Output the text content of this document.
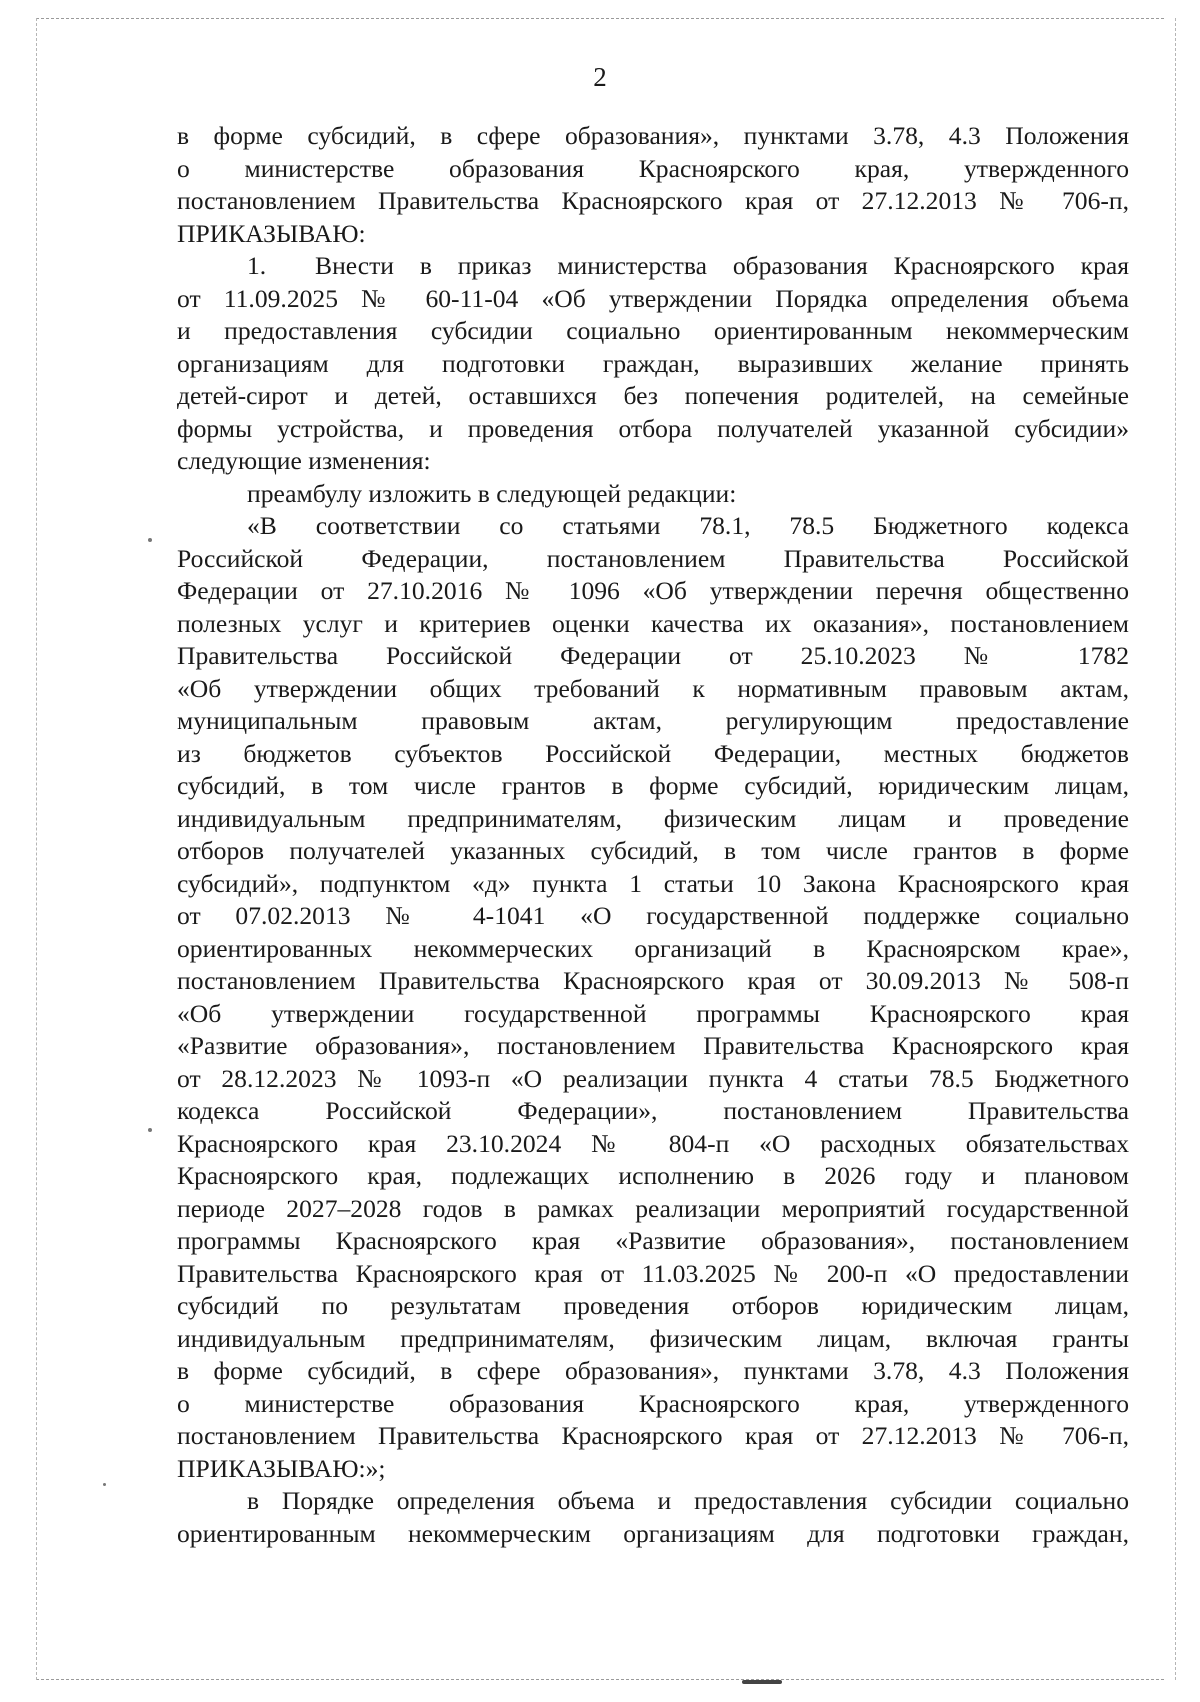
2
в форме субсидий, в сфере образования», пунктами 3.78, 4.3 Положения
о министерстве образования Красноярского края, утвержденного
постановлением Правительства Красноярского края от 27.12.2013 № 706-п,
ПРИКАЗЫВАЮ:
1. Внести в приказ министерства образования Красноярского края
от 11.09.2025 № 60-11-04 «Об утверждении Порядка определения объема
и предоставления субсидии социально ориентированным некоммерческим
организациям для подготовки граждан, выразивших желание принять
детей-сирот и детей, оставшихся без попечения родителей, на семейные
формы устройства, и проведения отбора получателей указанной субсидии»
следующие изменения:
преамбулу изложить в следующей редакции:
«В соответствии со статьями 78.1, 78.5 Бюджетного кодекса
Российской Федерации, постановлением Правительства Российской
Федерации от 27.10.2016 № 1096 «Об утверждении перечня общественно
полезных услуг и критериев оценки качества их оказания», постановлением
Правительства Российской Федерации от 25.10.2023 № 1782
«Об утверждении общих требований к нормативным правовым актам,
муниципальным правовым актам, регулирующим предоставление
из бюджетов субъектов Российской Федерации, местных бюджетов
субсидий, в том числе грантов в форме субсидий, юридическим лицам,
индивидуальным предпринимателям, физическим лицам и проведение
отборов получателей указанных субсидий, в том числе грантов в форме
субсидий», подпунктом «д» пункта 1 статьи 10 Закона Красноярского края
от 07.02.2013 № 4-1041 «О государственной поддержке социально
ориентированных некоммерческих организаций в Красноярском крае»,
постановлением Правительства Красноярского края от 30.09.2013 № 508-п
«Об утверждении государственной программы Красноярского края
«Развитие образования», постановлением Правительства Красноярского края
от 28.12.2023 № 1093-п «О реализации пункта 4 статьи 78.5 Бюджетного
кодекса Российской Федерации», постановлением Правительства
Красноярского края 23.10.2024 № 804-п «О расходных обязательствах
Красноярского края, подлежащих исполнению в 2026 году и плановом
периоде 2027–2028 годов в рамках реализации мероприятий государственной
программы Красноярского края «Развитие образования», постановлением
Правительства Красноярского края от 11.03.2025 № 200-п «О предоставлении
субсидий по результатам проведения отборов юридическим лицам,
индивидуальным предпринимателям, физическим лицам, включая гранты
в форме субсидий, в сфере образования», пунктами 3.78, 4.3 Положения
о министерстве образования Красноярского края, утвержденного
постановлением Правительства Красноярского края от 27.12.2013 № 706-п,
ПРИКАЗЫВАЮ:»;
в Порядке определения объема и предоставления субсидии социально
ориентированным некоммерческим организациям для подготовки граждан,
